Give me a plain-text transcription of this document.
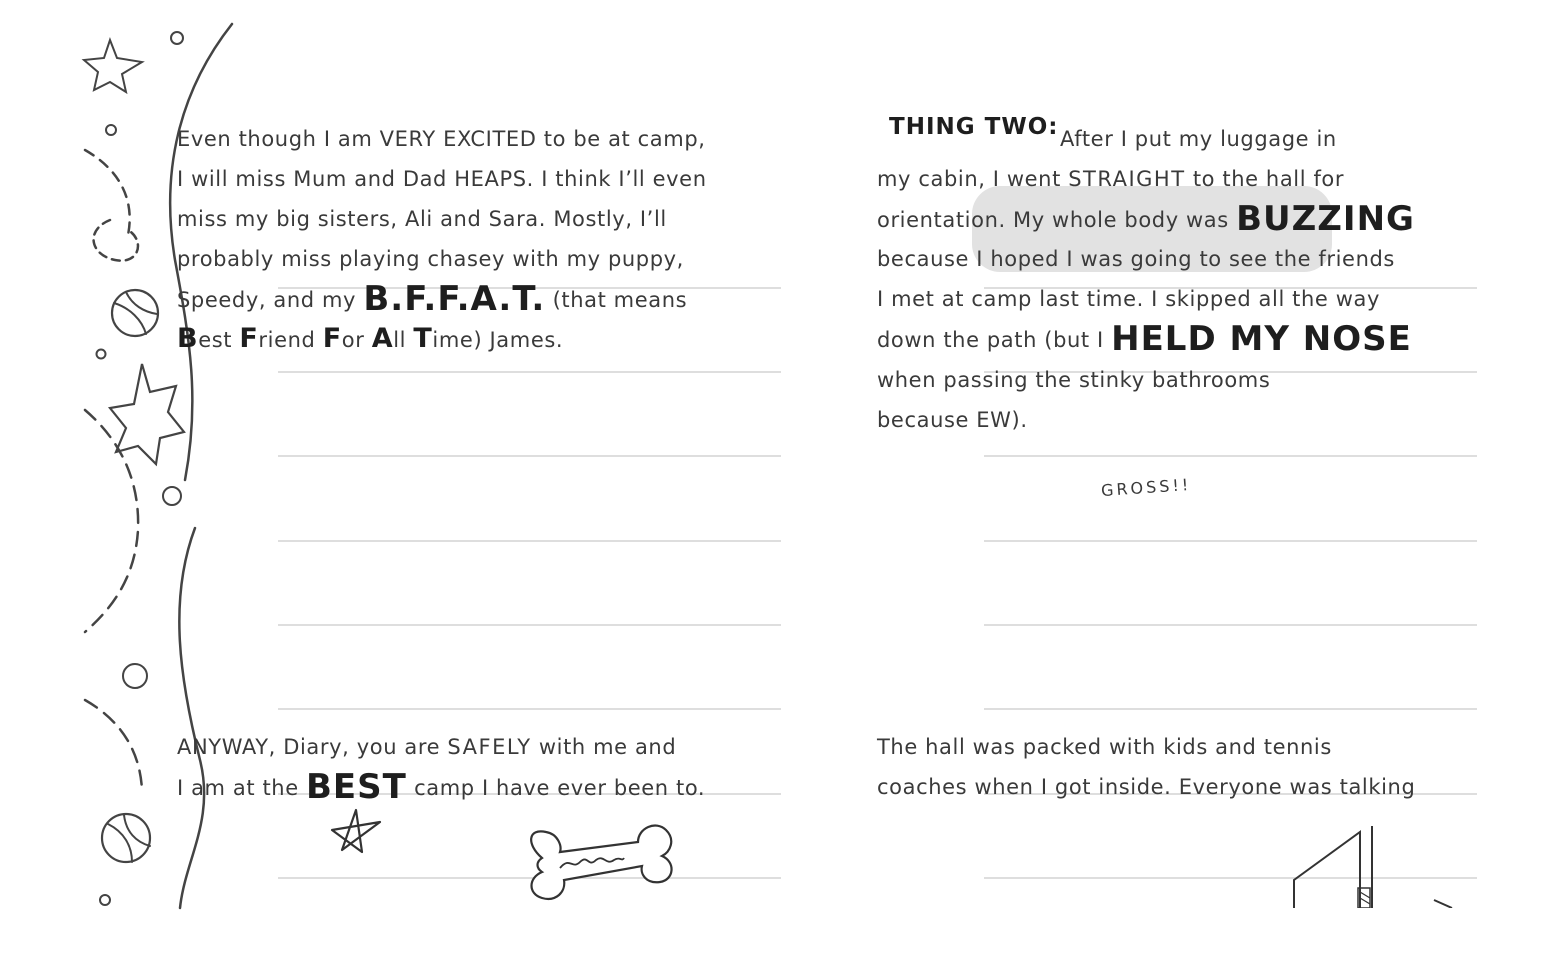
Even though I am VERY EXCITED to be at camp,
I will miss Mum and Dad HEAPS. I think I’ll even
miss my big sisters, Ali and Sara. Mostly, I’ll
probably miss playing chasey with my puppy,
Speedy, and my B.F.F.A.T. (that means
Best Friend For All Time) James.
ANYWAY, Diary, you are SAFELY with me and
I am at the BEST camp I have ever been to.
THING TWO: After I put my luggage in
my cabin, I went STRAIGHT to the hall for
orientation. My whole body was BUZZING
because I hoped I was going to see the friends
I met at camp last time. I skipped all the way
down the path (but I HELD MY NOSE
when passing the stinky bathrooms
because EW).
GROSS!!
The hall was packed with kids and tennis
coaches when I got inside. Everyone was talking
